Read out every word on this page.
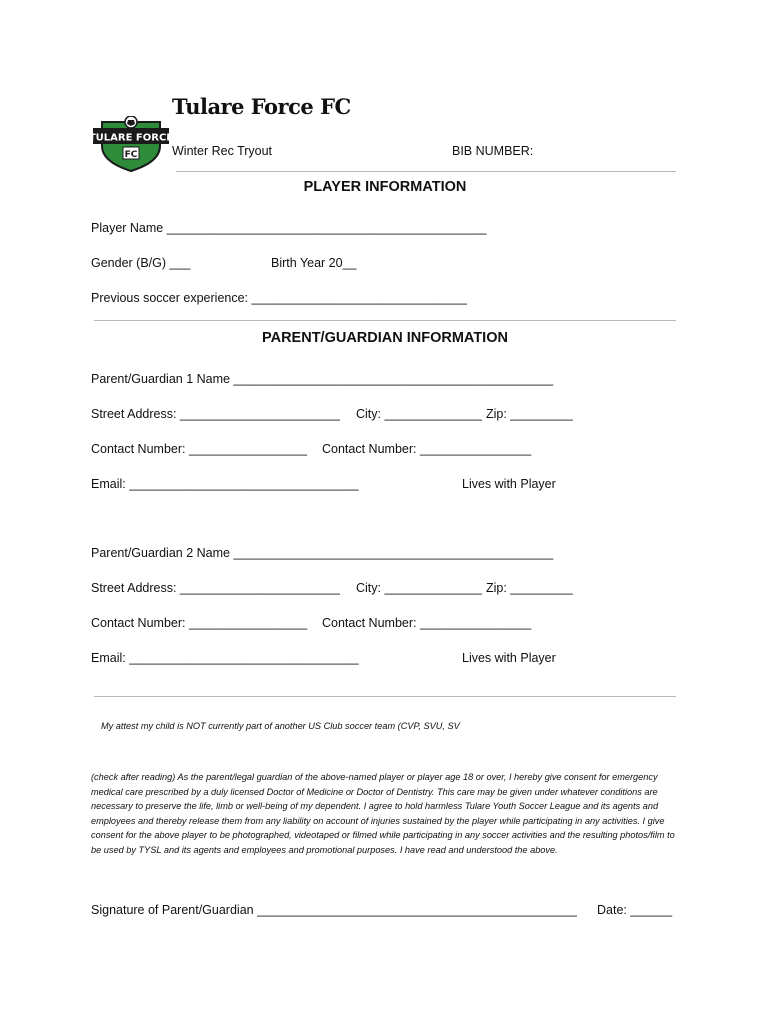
TULARE FORCE
FC
Tulare Force FC
Winter Rec Tryout	BIB NUMBER:
PLAYER INFORMATION
Player Name ______________________________________________
Gender (B/G) ___	Birth Year 20__
Previous soccer experience: _______________________________
PARENT/GUARDIAN INFORMATION
Parent/Guardian 1 Name ______________________________________________
Street Address: _______________________ City: ______________ Zip: _________
Contact Number: _________________ Contact Number: ________________
Email: _________________________________	Lives with Player
Parent/Guardian 2 Name ______________________________________________
Street Address: _______________________ City: ______________ Zip: _________
Contact Number: _________________ Contact Number: ________________
Email: _________________________________	Lives with Player
My attest my child is NOT currently part of another US Club soccer team (CVP, SVU, SV
(check after reading) As the parent/legal guardian of the above-named player or player age 18 or over, I hereby give consent for emergency medical care prescribed by a duly licensed Doctor of Medicine or Doctor of Dentistry. This care may be given under whatever conditions are necessary to preserve the life, limb or well-being of my dependent. I agree to hold harmless Tulare Youth Soccer League and its agents and employees and thereby release them from any liability on account of injuries sustained by the player while participating in any activities. I give consent for the above player to be photographed, videotaped or filmed while participating in any soccer activities and the resulting photos/film to be used by TYSL and its agents and employees and promotional purposes. I have read and understood the above.
Signature of Parent/Guardian ______________________________________________ Date: ______
